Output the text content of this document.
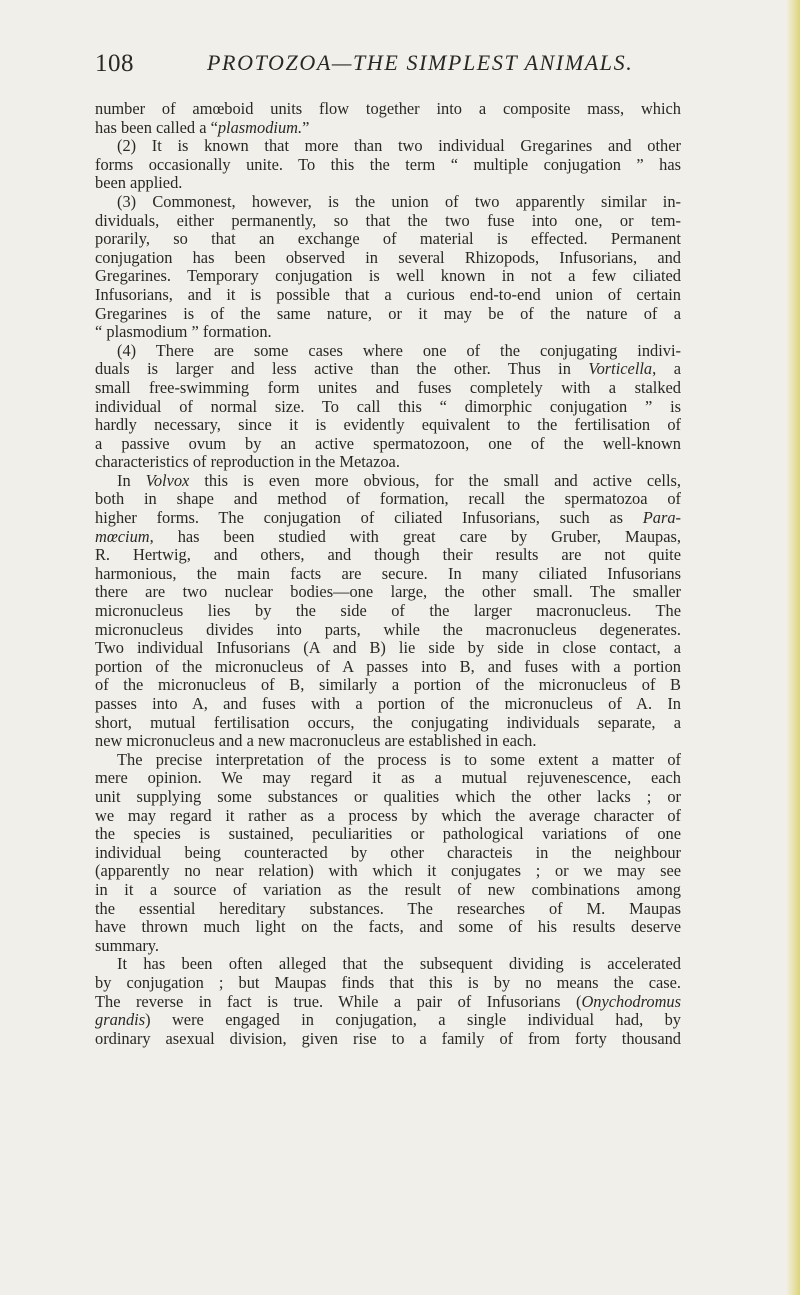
108	PROTOZOA—THE SIMPLEST ANIMALS.
number of amœboid units flow together into a composite mass, which
has been called a “plasmodium.”
(2) It is known that more than two individual Gregarines and other
forms occasionally unite. To this the term “ multiple conjugation ” has
been applied.
(3) Commonest, however, is the union of two apparently similar in-
dividuals, either permanently, so that the two fuse into one, or tem-
porarily, so that an exchange of material is effected. Permanent
conjugation has been observed in several Rhizopods, Infusorians, and
Gregarines. Temporary conjugation is well known in not a few ciliated
Infusorians, and it is possible that a curious end-to-end union of certain
Gregarines is of the same nature, or it may be of the nature of a
“ plasmodium ” formation.
(4) There are some cases where one of the conjugating indivi-
duals is larger and less active than the other. Thus in Vorticella, a
small free-swimming form unites and fuses completely with a stalked
individual of normal size. To call this “ dimorphic conjugation ” is
hardly necessary, since it is evidently equivalent to the fertilisation of
a passive ovum by an active spermatozoon, one of the well-known
characteristics of reproduction in the Metazoa.
In Volvox this is even more obvious, for the small and active cells,
both in shape and method of formation, recall the spermatozoa of
higher forms. The conjugation of ciliated Infusorians, such as Para-
mœcium, has been studied with great care by Gruber, Maupas,
R. Hertwig, and others, and though their results are not quite
harmonious, the main facts are secure. In many ciliated Infusorians
there are two nuclear bodies—one large, the other small. The smaller
micronucleus lies by the side of the larger macronucleus. The
micronucleus divides into parts, while the macronucleus degenerates.
Two individual Infusorians (A and B) lie side by side in close contact, a
portion of the micronucleus of A passes into B, and fuses with a portion
of the micronucleus of B, similarly a portion of the micronucleus of B
passes into A, and fuses with a portion of the micronucleus of A. In
short, mutual fertilisation occurs, the conjugating individuals separate, a
new micronucleus and a new macronucleus are established in each.
The precise interpretation of the process is to some extent a matter of
mere opinion. We may regard it as a mutual rejuvenescence, each
unit supplying some substances or qualities which the other lacks ; or
we may regard it rather as a process by which the average character of
the species is sustained, peculiarities or pathological variations of one
individual being counteracted by other characteis in the neighbour
(apparently no near relation) with which it conjugates ; or we may see
in it a source of variation as the result of new combinations among
the essential hereditary substances. The researches of M. Maupas
have thrown much light on the facts, and some of his results deserve
summary.
It has been often alleged that the subsequent dividing is accelerated
by conjugation ; but Maupas finds that this is by no means the case.
The reverse in fact is true. While a pair of Infusorians (Onychodromus
grandis) were engaged in conjugation, a single individual had, by
ordinary asexual division, given rise to a family of from forty thousand
